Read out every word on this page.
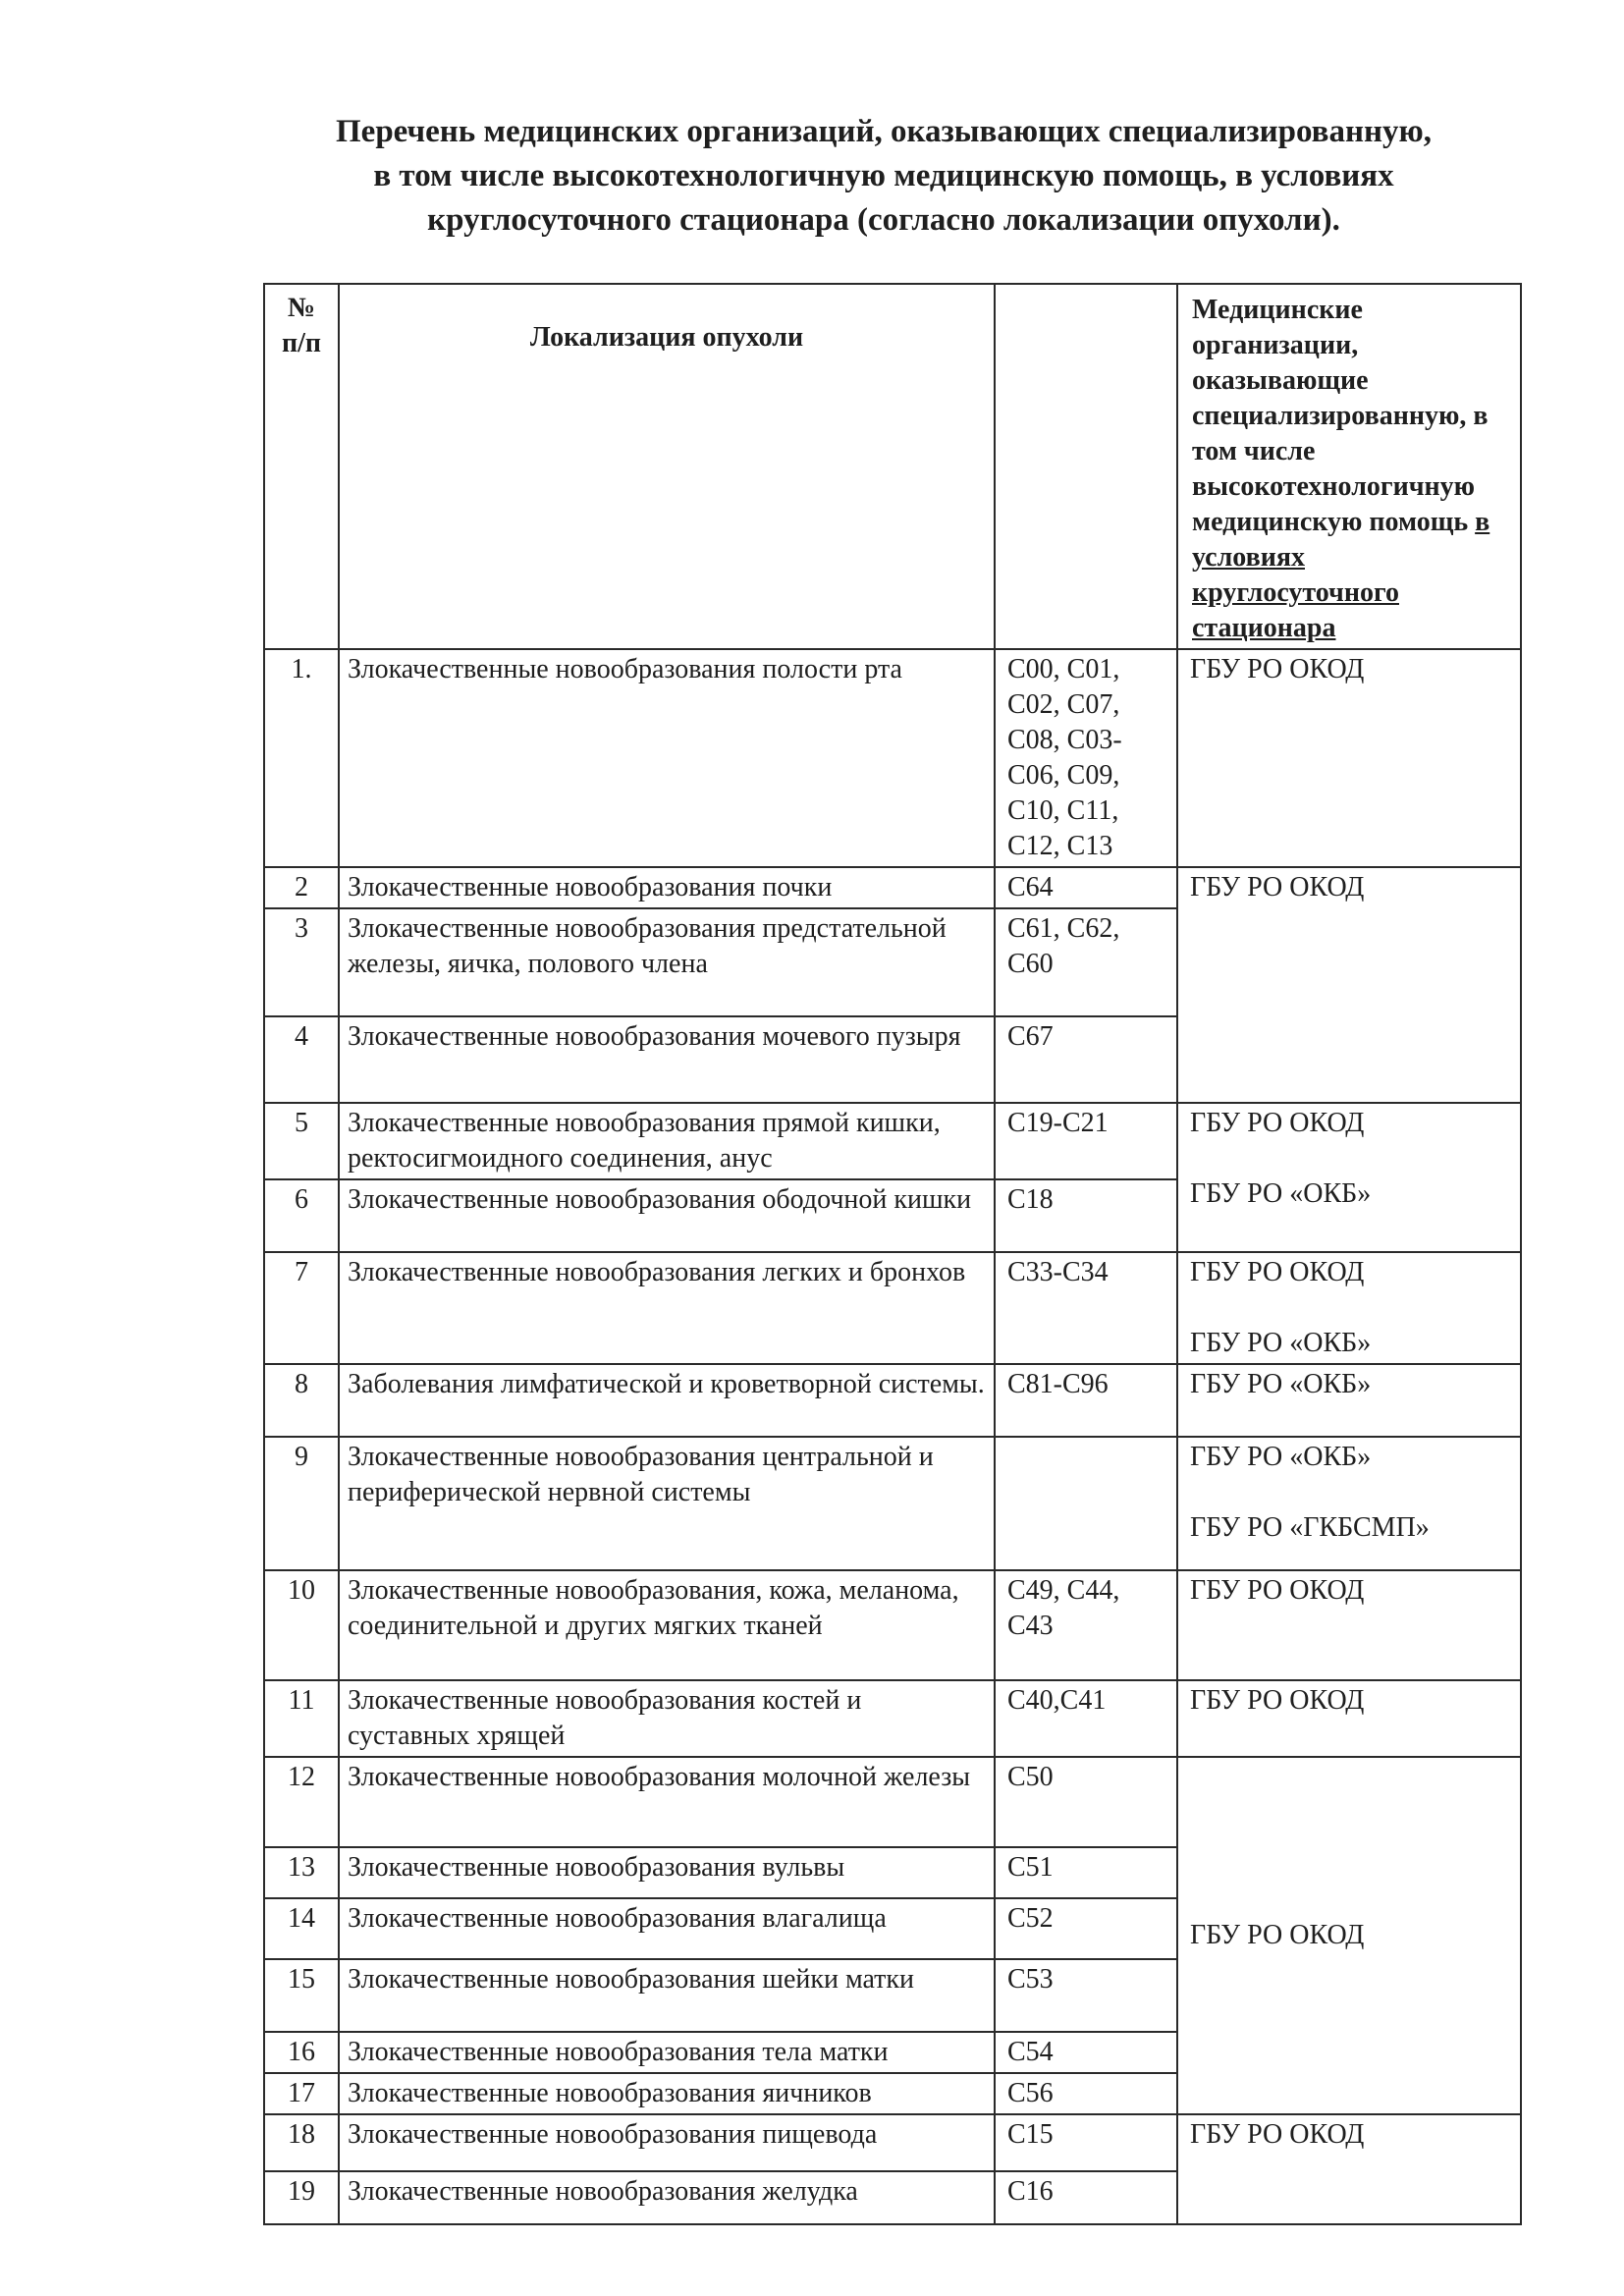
Перечень медицинских организаций, оказывающих специализированную,
в том числе высокотехнологичную медицинскую помощь, в условиях
круглосуточного стационара (согласно локализации опухоли).
№ п/п	Локализация опухоли		Медицинские организации, оказывающие специализированную, в том числе высокотехнологичную медицинскую помощь в условиях круглосуточного стационара
1.	Злокачественные новообразования полости рта	C00, C01, C02, C07, C08, C03-C06, C09, C10, C11, C12, C13	ГБУ РО ОКОД

2	Злокачественные новообразования почки	C64	ГБУ РО ОКОД

3	Злокачественные новообразования предстательной железы, яичка, полового члена	C61, C62, C60	
4	Злокачественные новообразования мочевого пузыря	C67	
5	Злокачественные новообразования прямой кишки, ректосигмоидного соединения, анус	C19-C21	ГБУ РО ОКОД
ГБУ РО «ОКБ»

6	Злокачественные новообразования ободочной кишки	C18	
7	Злокачественные новообразования легких и бронхов	C33-C34	ГБУ РО ОКОД
ГБУ РО «ОКБ»

8	Заболевания лимфатической и кроветворной системы.	C81-C96	ГБУ РО «ОКБ»

9	Злокачественные новообразования центральной и периферической нервной системы		ГБУ РО «ОКБ»
ГБУ РО «ГКБСМП»

10	Злокачественные новообразования, кожа, меланома, соединительной и других мягких тканей	C49, C44, C43	ГБУ РО ОКОД

11	Злокачественные новообразования костей и суставных хрящей	C40,C41	ГБУ РО ОКОД

12	Злокачественные новообразования молочной железы	C50	ГБУ РО ОКОД

13	Злокачественные новообразования вульвы	C51	
14	Злокачественные новообразования влагалища	C52	
15	Злокачественные новообразования шейки матки	C53	
16	Злокачественные новообразования тела матки	C54	
17	Злокачественные новообразования яичников	C56	
18	Злокачественные новообразования пищевода	C15	ГБУ РО ОКОД

19	Злокачественные новообразования желудка	C16	
